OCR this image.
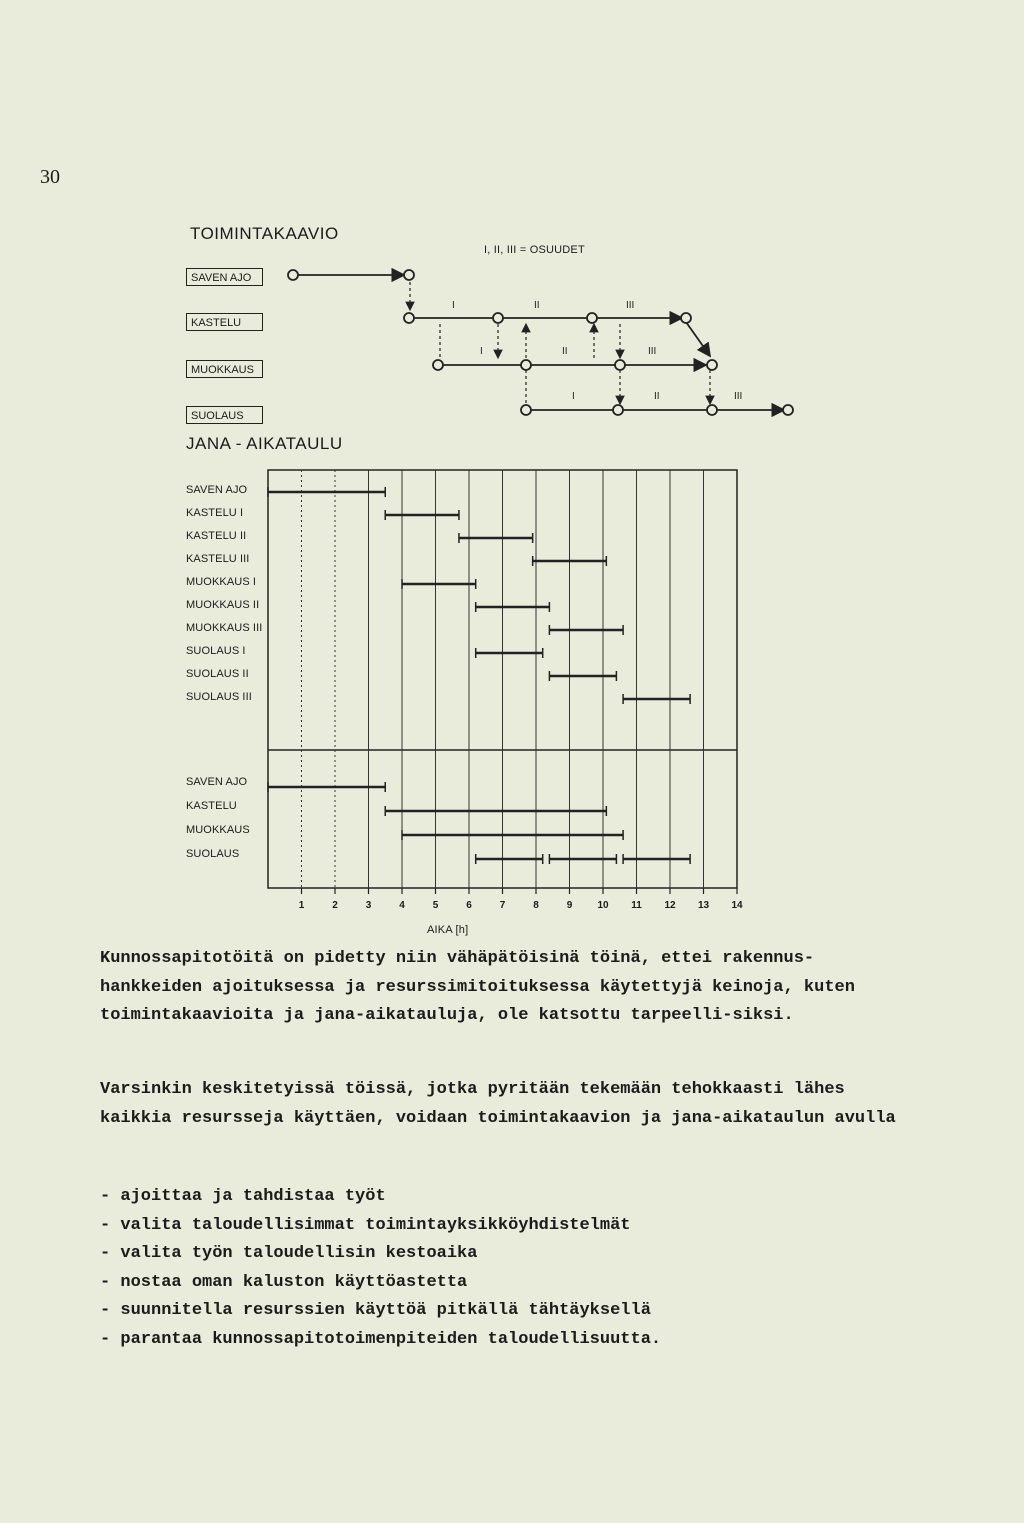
30
TOIMINTAKAAVIO
I, II, III = OSUUDET
SAVEN AJO
KASTELU
MUOKKAUS
SUOLAUS
I	II	III
I	II	III
I	II	III
JANA - AIKATAULU
SAVEN AJO
KASTELU I
KASTELU II
KASTELU III
MUOKKAUS I
MUOKKAUS II
MUOKKAUS III
SUOLAUS I
SUOLAUS II
SUOLAUS III
SAVEN AJO
KASTELU
MUOKKAUS
SUOLAUS
1	2	3	4	5	6	7	8	9	10	11	12	13	14
AIKA [h]

Kunnossapitotöitä on pidetty niin vähäpätöisinä töinä, ettei rakennus-hankkeiden ajoituksessa ja resurssimitoituksessa käytettyjä keinoja, kuten toimintakaavioita ja jana-aikatauluja, ole katsottu tarpeelli-siksi.

Varsinkin keskitetyissä töissä, jotka pyritään tekemään tehokkaasti lähes kaikkia resursseja käyttäen, voidaan toimintakaavion ja jana-aikataulun avulla

- ajoittaa ja tahdistaa työt
- valita taloudellisimmat toimintayksikköyhdistelmät
- valita työn taloudellisin kestoaika
- nostaa oman kaluston käyttöastetta
- suunnitella resurssien käyttöä pitkällä tähtäyksellä
- parantaa kunnossapitotoimenpiteiden taloudellisuutta.
